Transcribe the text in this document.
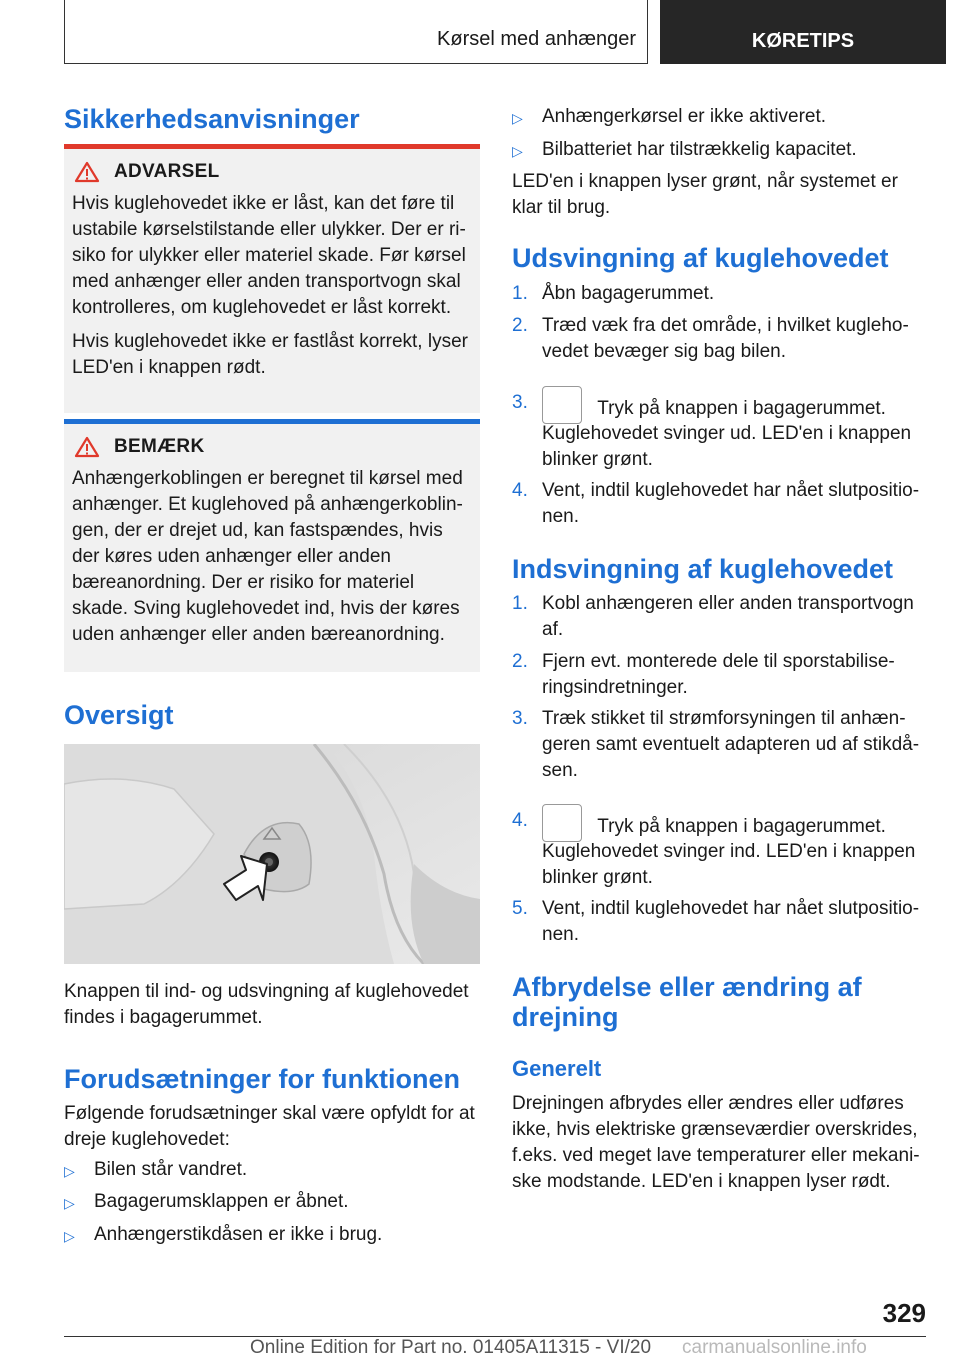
Kørsel med anhænger	KØRETIPS
Sikkerhedsanvisninger
ADVARSEL

Hvis kuglehovedet ikke er låst, kan det føre til ustabile kørselstilstande eller ulykker. Der er risiko for ulykker eller materiel skade. Før kørsel med anhænger eller anden transportvogn skal kontrolleres, om kuglehovedet er låst korrekt.

Hvis kuglehovedet ikke er fastlåst korrekt, lyser LED'en i knappen rødt.

BEMÆRK

Anhængerkoblingen er beregnet til kørsel med anhænger. Et kuglehoved på anhængerkoblingen, der er drejet ud, kan fastspændes, hvis der køres uden anhænger eller anden bæreanordning. Der er risiko for materiel skade. Sving kuglehovedet ind, hvis der køres uden anhænger eller anden bæreanordning.

Oversigt
Knappen til ind- og udsvingning af kuglehovedet findes i bagagerummet.
Forudsætninger for funktionen
Følgende forudsætninger skal være opfyldt for at dreje kuglehovedet:
▷	Bilen står vandret.
▷	Bagagerumsklappen er åbnet.
▷	Anhængerstikdåsen er ikke i brug.
▷	Anhængerkørsel er ikke aktiveret.
▷	Bilbatteriet har tilstrækkelig kapacitet.
LED'en i knappen lyser grønt, når systemet er klar til brug.
Udsvingning af kuglehovedet
1. Åbn bagagerummet.
2. Træd væk fra det område, i hvilket kuglehovedet bevæger sig bag bilen.
3.	Tryk på knappen i bagagerummet.
Kuglehovedet svinger ud. LED'en i knappen blinker grønt.
4. Vent, indtil kuglehovedet har nået slutpositionen.
Indsvingning af kuglehovedet
1. Kobl anhængeren eller anden transportvogn af.
2. Fjern evt. monterede dele til sporstabiliseringsindretninger.
3. Træk stikket til strømforsyningen til anhængeren samt eventuelt adapteren ud af stikdåsen.
4.	Tryk på knappen i bagagerummet.
Kuglehovedet svinger ind. LED'en i knappen blinker grønt.
5. Vent, indtil kuglehovedet har nået slutpositionen.
Afbrydelse eller ændring af drejning
Generelt
Drejningen afbrydes eller ændres eller udføres ikke, hvis elektriske grænseværdier overskrides, f.eks. ved meget lave temperaturer eller mekaniske modstande. LED'en i knappen lyser rødt.
329
Online Edition for Part no. 01405A11315 - VI/20 carmanualsonline.info
